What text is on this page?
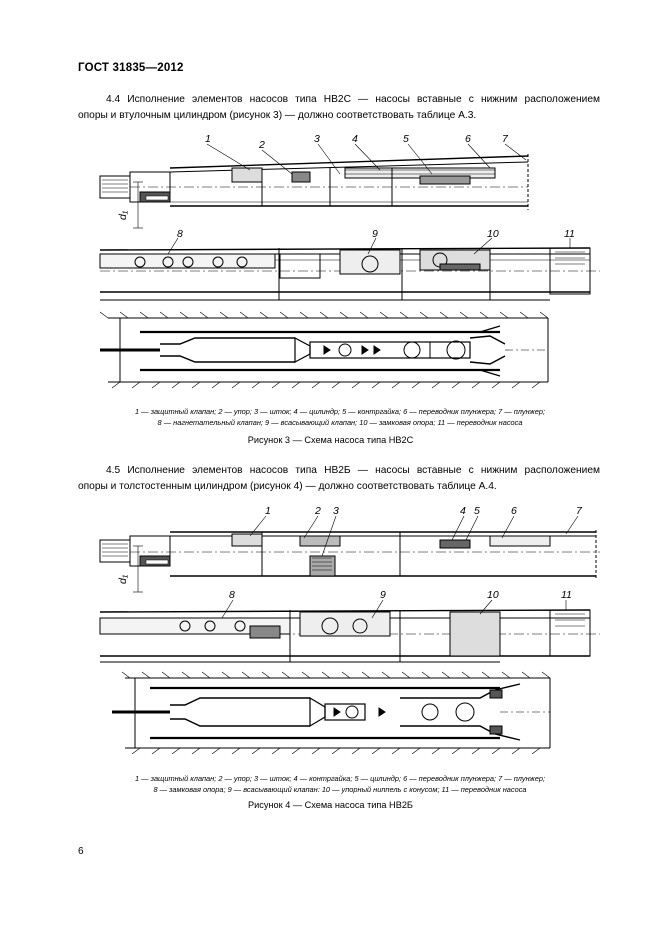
ГОСТ 31835—2012
4.4 Исполнение элементов насосов типа НВ2С — насосы вставные с нижним расположением
опоры и втулочным цилиндром (рисунок 3) — должно соответствовать таблице А.3.
1	2	3	4	5	6	7
d₁
8	9	10	11
1 — защитный клапан; 2 — упор; 3 — шток; 4 — цилиндр; 5 — контргайка; 6 — переводник плунжера; 7 — плунжер;
8 — нагнетательный клапан; 9 — всасывающий клапан; 10 — замковая опора; 11 — переводник насоса
Рисунок 3 — Схема насоса типа НВ2С
4.5 Исполнение элементов насосов типа НВ2Б — насосы вставные с нижним расположением
опоры и толстостенным цилиндром (рисунок 4) — должно соответствовать таблице А.4.
1	2 3	4 5	6	7
d₁
8	9	10	11
1 — защитный клапан; 2 — упор; 3 — шток; 4 — контргайка; 5 — цилиндр; 6 — переводник плунжера; 7 — плунжер;
8 — замковая опора; 9 — всасывающий клапан: 10 — упорный ниппель с конусом; 11 — переводник насоса
Рисунок 4 — Схема насоса типа НВ2Б
6
